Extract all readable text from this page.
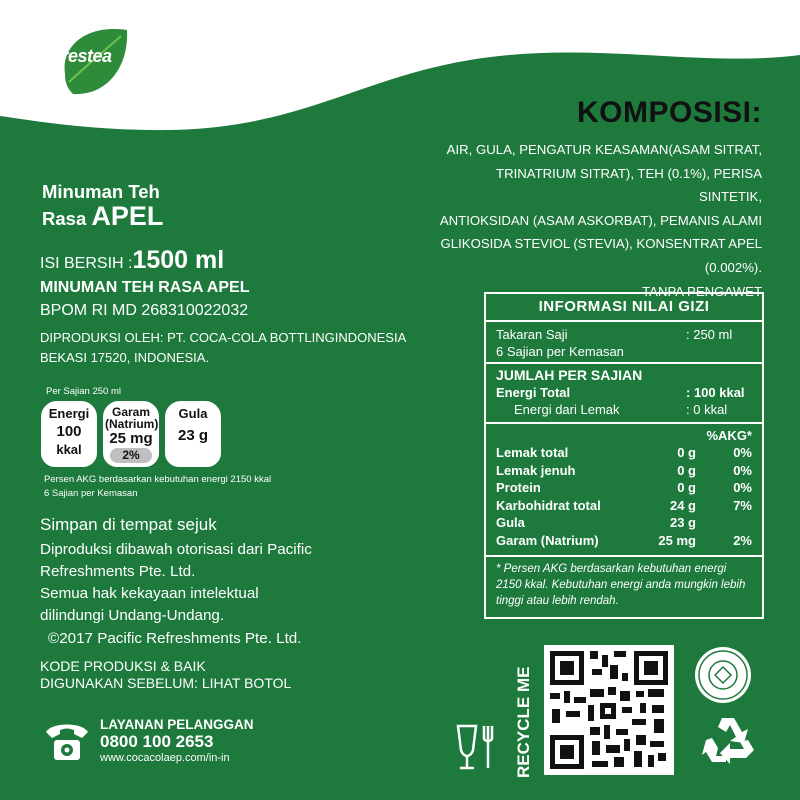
frestea
KOMPOSISI:
AIR, GULA, PENGATUR KEASAMAN(ASAM SITRAT,
TRINATRIUM SITRAT), TEH (0.1%), PERISA SINTETIK,
ANTIOKSIDAN (ASAM ASKORBAT), PEMANIS ALAMI
GLIKOSIDA STEVIOL (STEVIA), KONSENTRAT APEL
(0.002%).
TANPA PENGAWET
Minuman Teh
Rasa APEL
ISI BERSIH :1500 ml
MINUMAN TEH RASA APEL
BPOM RI MD 268310022032
DIPRODUKSI OLEH: PT. COCA-COLA BOTTLINGINDONESIA
BEKASI 17520, INDONESIA.
Per Sajian 250 ml
Energi
100
kkal
Garam
(Natrium)
25 mg
2%
Gula
23 g
Persen AKG berdasarkan kebutuhan energi 2150 kkal
6 Sajian per Kemasan
Simpan di tempat sejuk
Diproduksi dibawah otorisasi dari Pacific
Refreshments Pte. Ltd.
Semua hak kekayaan intelektual
dilindungi Undang-Undang.
©2017 Pacific Refreshments Pte. Ltd.
KODE PRODUKSI & BAIK
DIGUNAKAN SEBELUM: LIHAT BOTOL
LAYANAN PELANGGAN
0800 100 2653
www.cocacolaep.com/in-in
INFORMASI NILAI GIZI
Takaran Saji	: 250 ml
6 Sajian per Kemasan
JUMLAH PER SAJIAN
Energi Total	: 100 kkal
Energi dari Lemak	: 0 kkal
%AKG*
Lemak total	0 g	0%
Lemak jenuh	0 g	0%
Protein	0 g	0%
Karbohidrat total	24 g	7%
Gula	23 g
Garam (Natrium)	25 mg	2%
* Persen AKG berdasarkan kebutuhan energi 2150 kkal. Kebutuhan energi anda mungkin lebih tinggi atau lebih rendah.
RECYCLE ME
